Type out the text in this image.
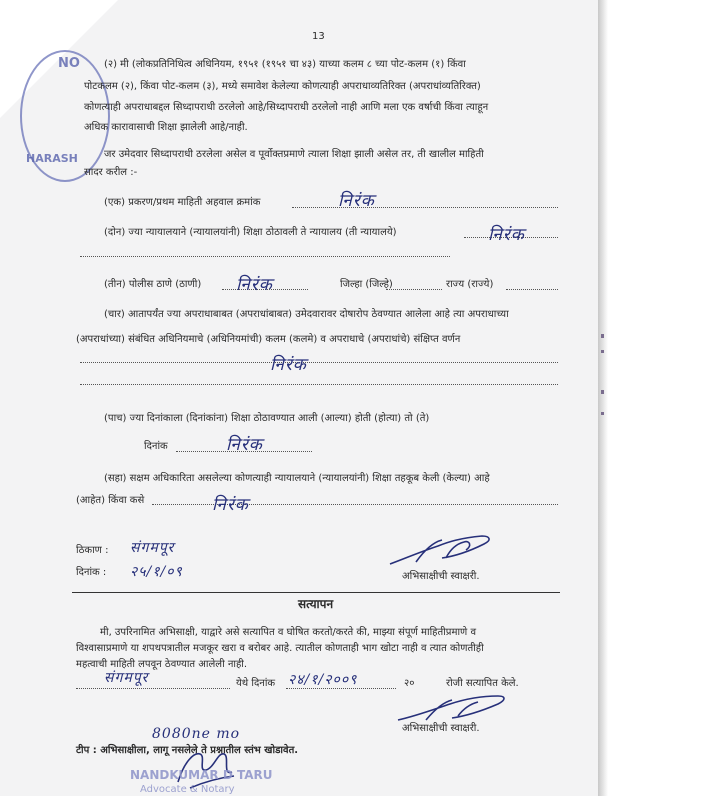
NO
HARASH
13
(२) मी (लोकप्रतिनिधित्व अधिनियम, १९५१ (१९५१ चा ४३) याच्या कलम ८ च्या पोट-कलम (१) किंवा
पोटकलम (२), किंवा पोट-कलम (३), मध्ये समावेश केलेल्या कोणत्याही अपराधाव्यतिरिक्त (अपराधांव्यतिरिक्त)
कोणत्याही अपराधाबद्दल सिध्दापराधी ठरलेलो आहे/सिध्दापराधी ठरलेलो नाही आणि मला एक वर्षाची किंवा त्याहून
अधिक कारावासाची शिक्षा झालेली आहे/नाही.
जर उमेदवार सिध्दापराधी ठरलेला असेल व पूर्वोक्तप्रमाणे त्याला शिक्षा झाली असेल तर, ती खालील माहिती
सादर करील :-
(एक) प्रकरण/प्रथम माहिती अहवाल क्रमांक	निरंक
(दोन) ज्या न्यायालयाने (न्यायालयांनी) शिक्षा ठोठावली ते न्यायालय (ती न्यायालये)	निरंक
(तीन) पोलीस ठाणे (ठाणी) निरंक	जिल्हा (जिल्हे)	राज्य (राज्ये)
(चार) आतापर्यंत ज्या अपराधाबाबत (अपराधांबाबत) उमेदवारावर दोषारोप ठेवण्यात आलेला आहे त्या अपराधाच्या
(अपराधांच्या) संबंधित अधिनियमाचे (अधिनियमांची) कलम (कलमे) व अपराधाचे (अपराधांचे) संक्षिप्त वर्णन
निरंक
(पाच) ज्या दिनांकाला (दिनांकांना) शिक्षा ठोठावण्यात आली (आल्या) होती (होत्या) तो (ते)
दिनांक	निरंक
(सहा) सक्षम अधिकारिता असलेल्या कोणत्याही न्यायालयाने (न्यायालयांनी) शिक्षा तहकूब केली (केल्या) आहे
(आहेत) किंवा कसे	निरंक
ठिकाण : संगमपूर
दिनांक : २५/१/०९	अभिसाक्षीची स्वाक्षरी.
सत्यापन
मी, उपरिनामित अभिसाक्षी, याद्वारे असे सत्यापित व घोषित करतो/करते की, माझ्या संपूर्ण माहितीप्रमाणे व
विश्वासाप्रमाणे या शपथपत्रातील मजकूर खरा व बरोबर आहे. त्यातील कोणताही भाग खोटा नाही व त्यात कोणतीही
महत्वाची माहिती लपवून ठेवण्यात आलेली नाही.
संगमपूर	येथे दिनांक २४/१/२००९	२०	रोजी सत्यापित केले.
अभिसाक्षीची स्वाक्षरी.
8080ne mo
टीप : अभिसाक्षीला, लागू नसलेले ते प्रश्नातील स्तंभ खोडावेत.
NANDKUMAR D TARU
Advocate & Notary
